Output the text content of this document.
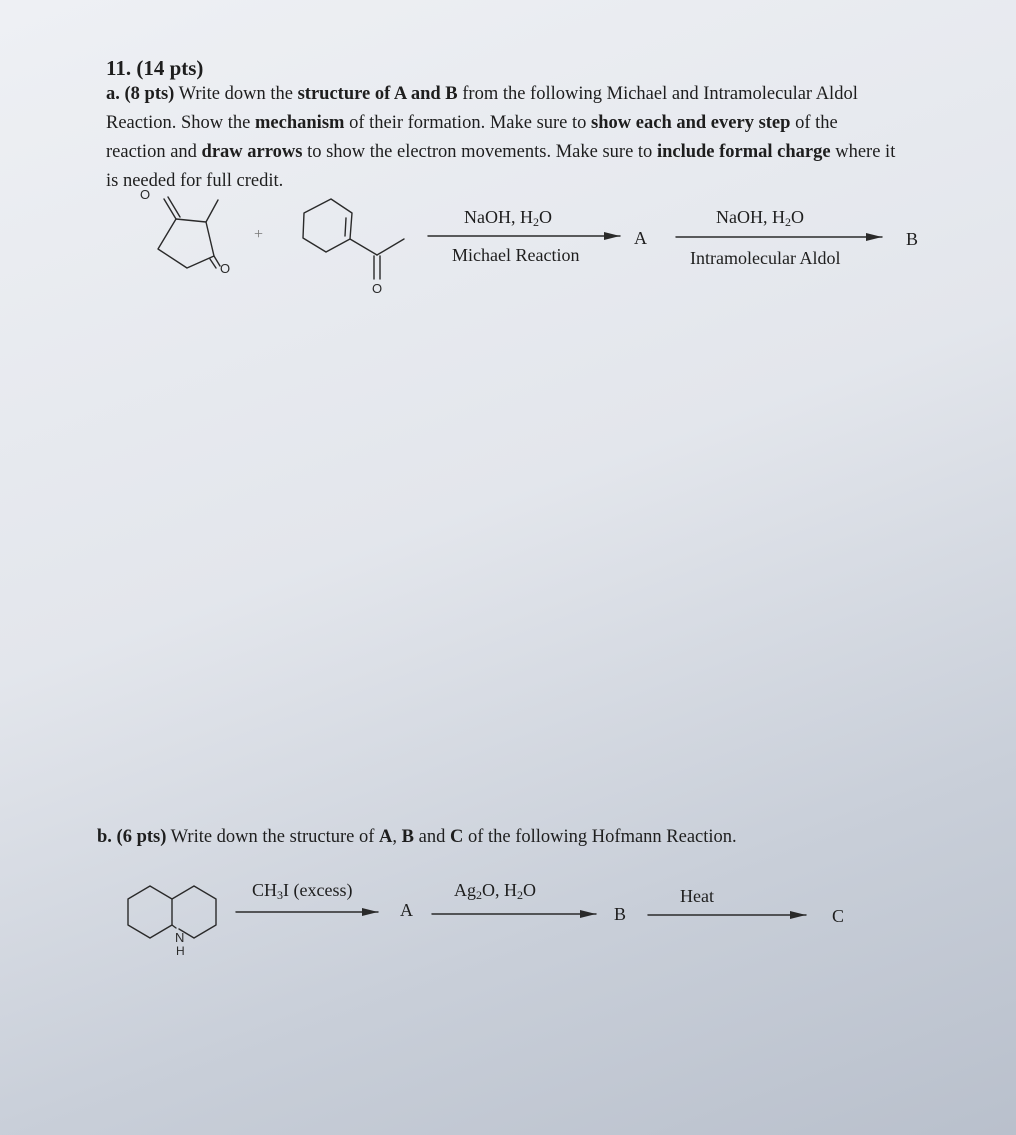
11. (14 pts)
a. (8 pts) Write down the structure of A and B from the following Michael and Intramolecular Aldol
Reaction. Show the mechanism of their formation. Make sure to show each and every step of the
reaction and draw arrows to show the electron movements. Make sure to include formal charge where it
is needed for full credit.
+
NaOH, $H_2O$
Michael Reaction
A
NaOH, $H_2O$
Intramolecular Aldol
B
b. (6 pts) Write down the structure of A, B and C of the following Hofmann Reaction.
$CH_3I$ (excess)
A
$Ag_2O$, $H_2O$
B
Heat
C
O
O
O
N
H
